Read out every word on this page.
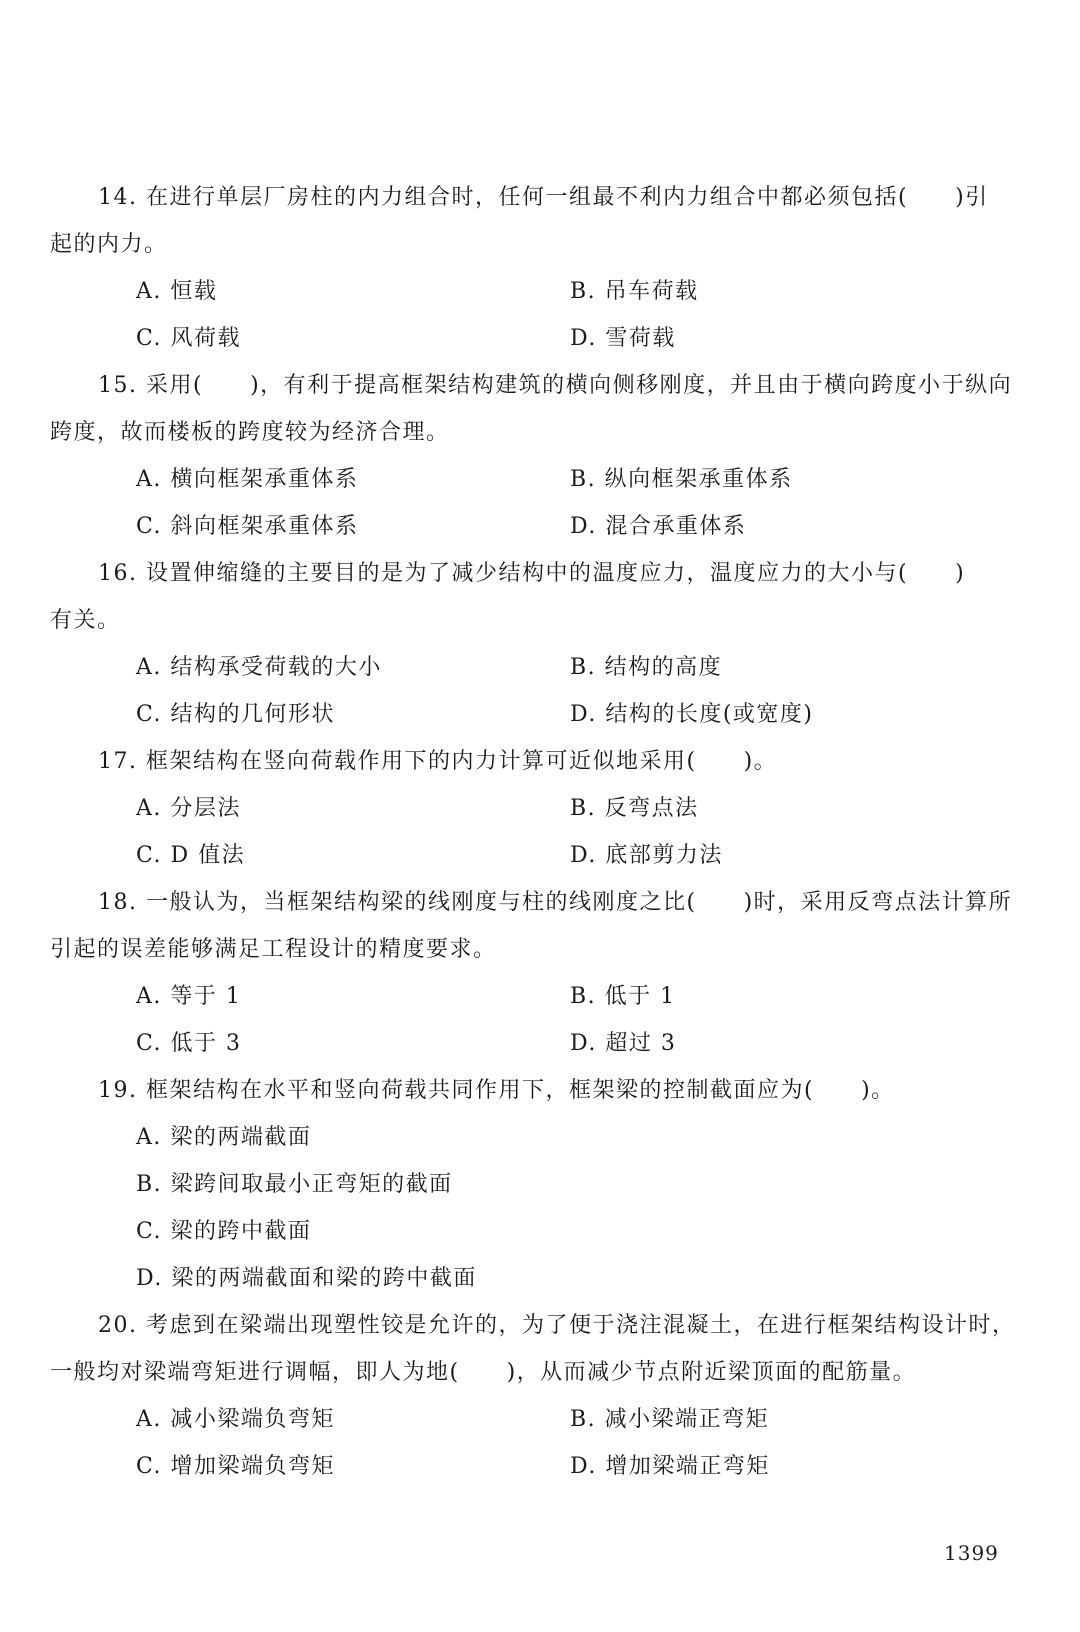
14. 在进行单层厂房柱的内力组合时，任何一组最不利内力组合中都必须包括(　　)引
起的内力。
A. 恒载	B. 吊车荷载
C. 风荷载	D. 雪荷载
15. 采用(　　)，有利于提高框架结构建筑的横向侧移刚度，并且由于横向跨度小于纵向
跨度，故而楼板的跨度较为经济合理。
A. 横向框架承重体系	B. 纵向框架承重体系
C. 斜向框架承重体系	D. 混合承重体系
16. 设置伸缩缝的主要目的是为了减少结构中的温度应力，温度应力的大小与(　　)
有关。
A. 结构承受荷载的大小	B. 结构的高度
C. 结构的几何形状	D. 结构的长度(或宽度)
17. 框架结构在竖向荷载作用下的内力计算可近似地采用(　　)。
A. 分层法	B. 反弯点法
C. D 值法	D. 底部剪力法
18. 一般认为，当框架结构梁的线刚度与柱的线刚度之比(　　)时，采用反弯点法计算所
引起的误差能够满足工程设计的精度要求。
A. 等于 1	B. 低于 1
C. 低于 3	D. 超过 3
19. 框架结构在水平和竖向荷载共同作用下，框架梁的控制截面应为(　　)。
A. 梁的两端截面
B. 梁跨间取最小正弯矩的截面
C. 梁的跨中截面
D. 梁的两端截面和梁的跨中截面
20. 考虑到在梁端出现塑性铰是允许的，为了便于浇注混凝土，在进行框架结构设计时，
一般均对梁端弯矩进行调幅，即人为地(　　)，从而减少节点附近梁顶面的配筋量。
A. 减小梁端负弯矩	B. 减小梁端正弯矩
C. 增加梁端负弯矩	D. 增加梁端正弯矩
1399
